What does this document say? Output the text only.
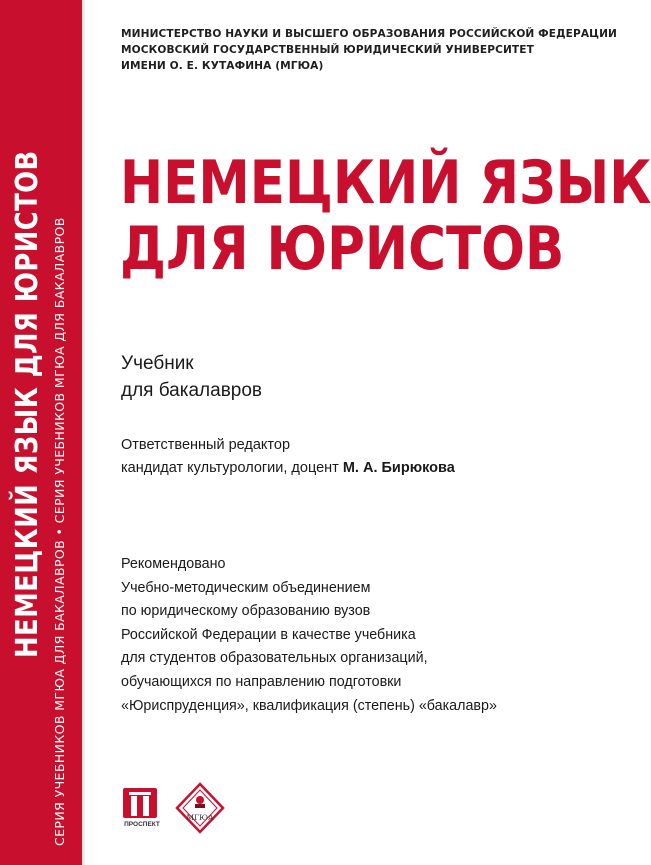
НЕМЕЦКИЙ ЯЗЫК ДЛЯ ЮРИСТОВ СЕРИЯ УЧЕБНИКОВ МГЮА ДЛЯ БАКАЛАВРОВ • СЕРИЯ УЧЕБНИКОВ МГЮА ДЛЯ БАКАЛАВРОВ
МИНИСТЕРСТВО НАУКИ И ВЫСШЕГО ОБРАЗОВАНИЯ РОССИЙСКОЙ ФЕДЕРАЦИИ
МОСКОВСКИЙ ГОСУДАРСТВЕННЫЙ ЮРИДИЧЕСКИЙ УНИВЕРСИТЕТ
ИМЕНИ О. Е. КУТАФИНА (МГЮА)
НЕМЕЦКИЙ ЯЗЫК
ДЛЯ ЮРИСТОВ
Учебник
для бакалавров
Ответственный редактор
кандидат культурологии, доцент М. А. Бирюкова
Рекомендовано
Учебно-методическим объединением
по юридическому образованию вузов
Российской Федерации в качестве учебника
для студентов образовательных организаций,
обучающихся по направлению подготовки
«Юриспруденция», квалификация (степень) «бакалавр»
ПРОСПЕКТ
МГЮА
